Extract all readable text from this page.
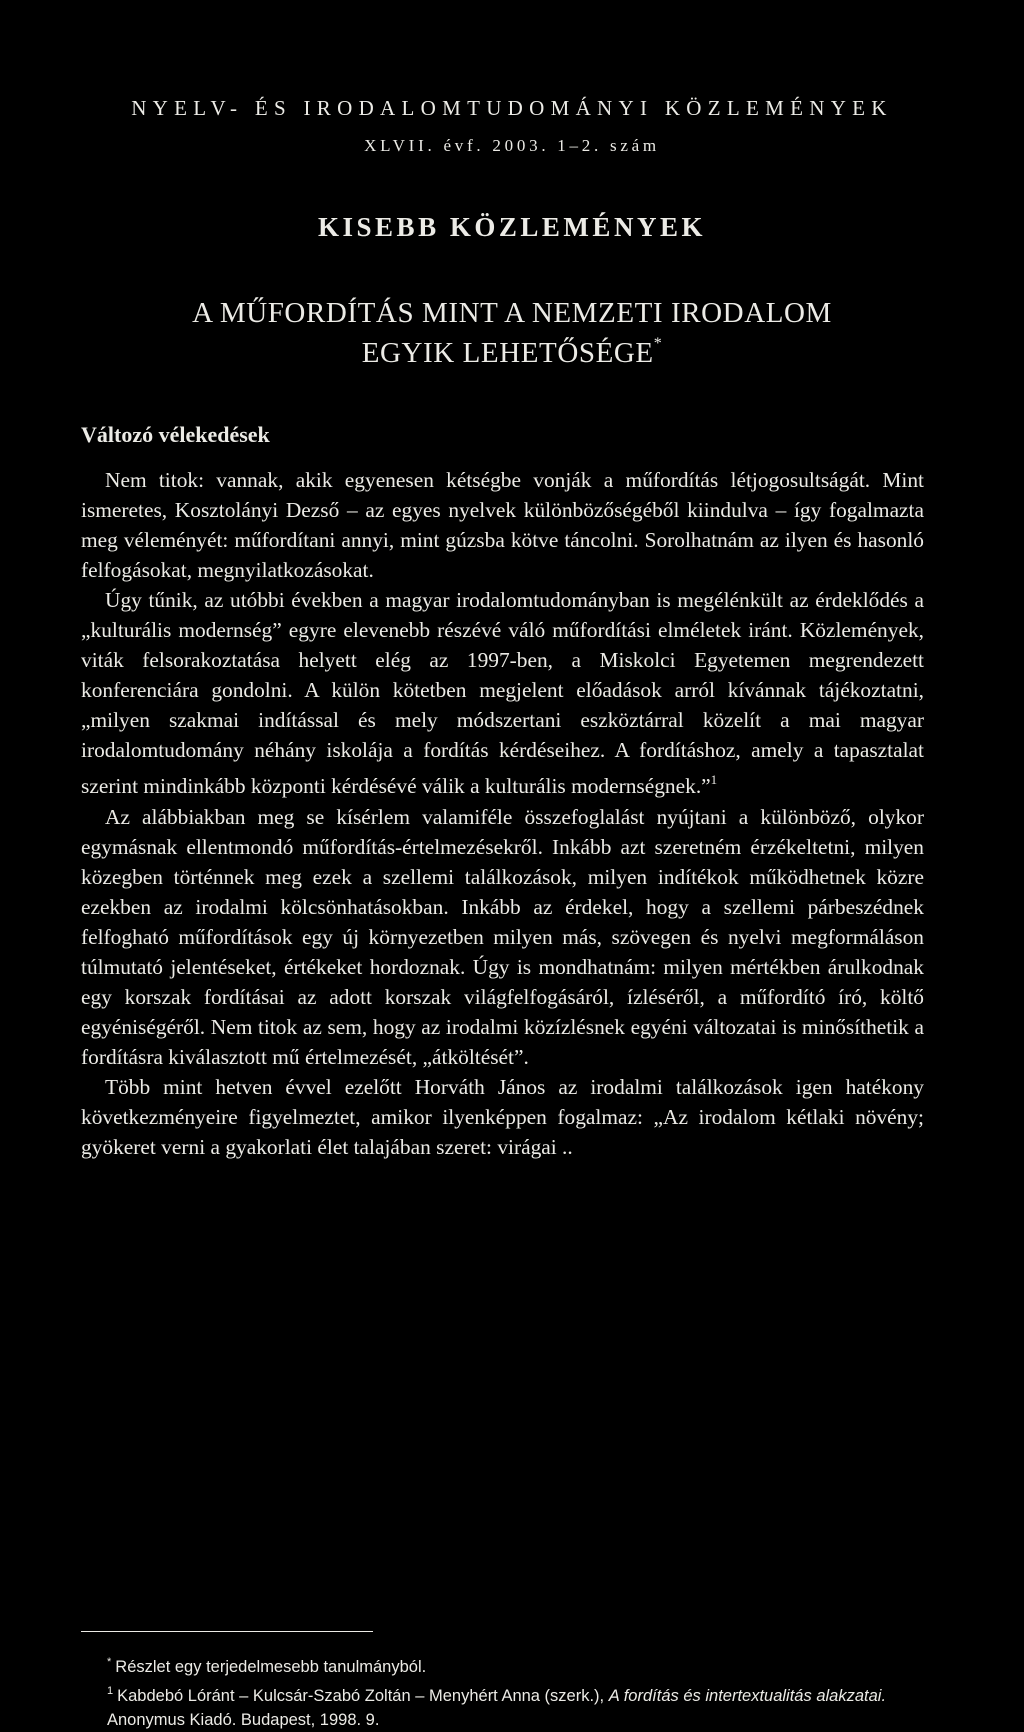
NYELV- ÉS IRODALOMTUDOMÁNYI KÖZLEMÉNYEK
XLVII. évf. 2003. 1–2. szám
KISEBB KÖZLEMÉNYEK
A MŰFORDÍTÁS MINT A NEMZETI IRODALOM
EGYIK LEHETŐSÉGE*
Változó vélekedések

Nem titok: vannak, akik egyenesen kétségbe vonják a műfordítás létjogosultságát. Mint ismeretes, Kosztolányi Dezső – az egyes nyelvek különbözőségéből kiindulva – így fogalmazta meg véleményét: műfordítani annyi, mint gúzsba kötve táncolni. Sorolhatnám az ilyen és hasonló felfogásokat, megnyilatkozásokat.

Úgy tűnik, az utóbbi években a magyar irodalomtudományban is megélénkült az érdeklődés a „kulturális modernség” egyre elevenebb részévé váló műfordítási elméletek iránt. Közlemények, viták felsorakoztatása helyett elég az 1997-ben, a Miskolci Egyetemen megrendezett konferenciára gondolni. A külön kötetben megjelent előadások arról kívánnak tájékoztatni, „milyen szakmai indítással és mely módszertani eszköztárral közelít a mai magyar irodalomtudomány néhány iskolája a fordítás kérdéseihez. A fordításhoz, amely a tapasztalat szerint mindinkább központi kérdésévé válik a kulturális modernségnek.”$^1$

Az alábbiakban meg se kísérlem valamiféle összefoglalást nyújtani a különböző, olykor egymásnak ellentmondó műfordítás-értelmezésekről. Inkább azt szeretném érzékeltetni, milyen közegben történnek meg ezek a szellemi találkozások, milyen indítékok működhetnek közre ezekben az irodalmi kölcsönhatásokban. Inkább az érdekel, hogy a szellemi párbeszédnek felfogható műfordítások egy új környezetben milyen más, szövegen és nyelvi megformáláson túlmutató jelentéseket, értékeket hordoznak. Úgy is mondhatnám: milyen mértékben árulkodnak egy korszak fordításai az adott korszak világfelfogásáról, ízléséről, a műfordító író, költő egyéniségéről. Nem titok az sem, hogy az irodalmi közízlésnek egyéni változatai is minősíthetik a fordításra kiválasztott mű értelmezését, „átköltését”.

Több mint hetven évvel ezelőtt Horváth János az irodalmi találkozások igen hatékony következményeire figyelmeztet, amikor ilyenképpen fogalmaz: „Az irodalom kétlaki növény; gyökeret verni a gyakorlati élet talajában szeret: virágai ..

* Részlet egy terjedelmesebb tanulmányból.

$^1$ Kabdebó Lóránt – Kulcsár-Szabó Zoltán – Menyhért Anna (szerk.), A fordítás és intertextualitás alakzatai. Anonymus Kiadó. Budapest, 1998. 9.
